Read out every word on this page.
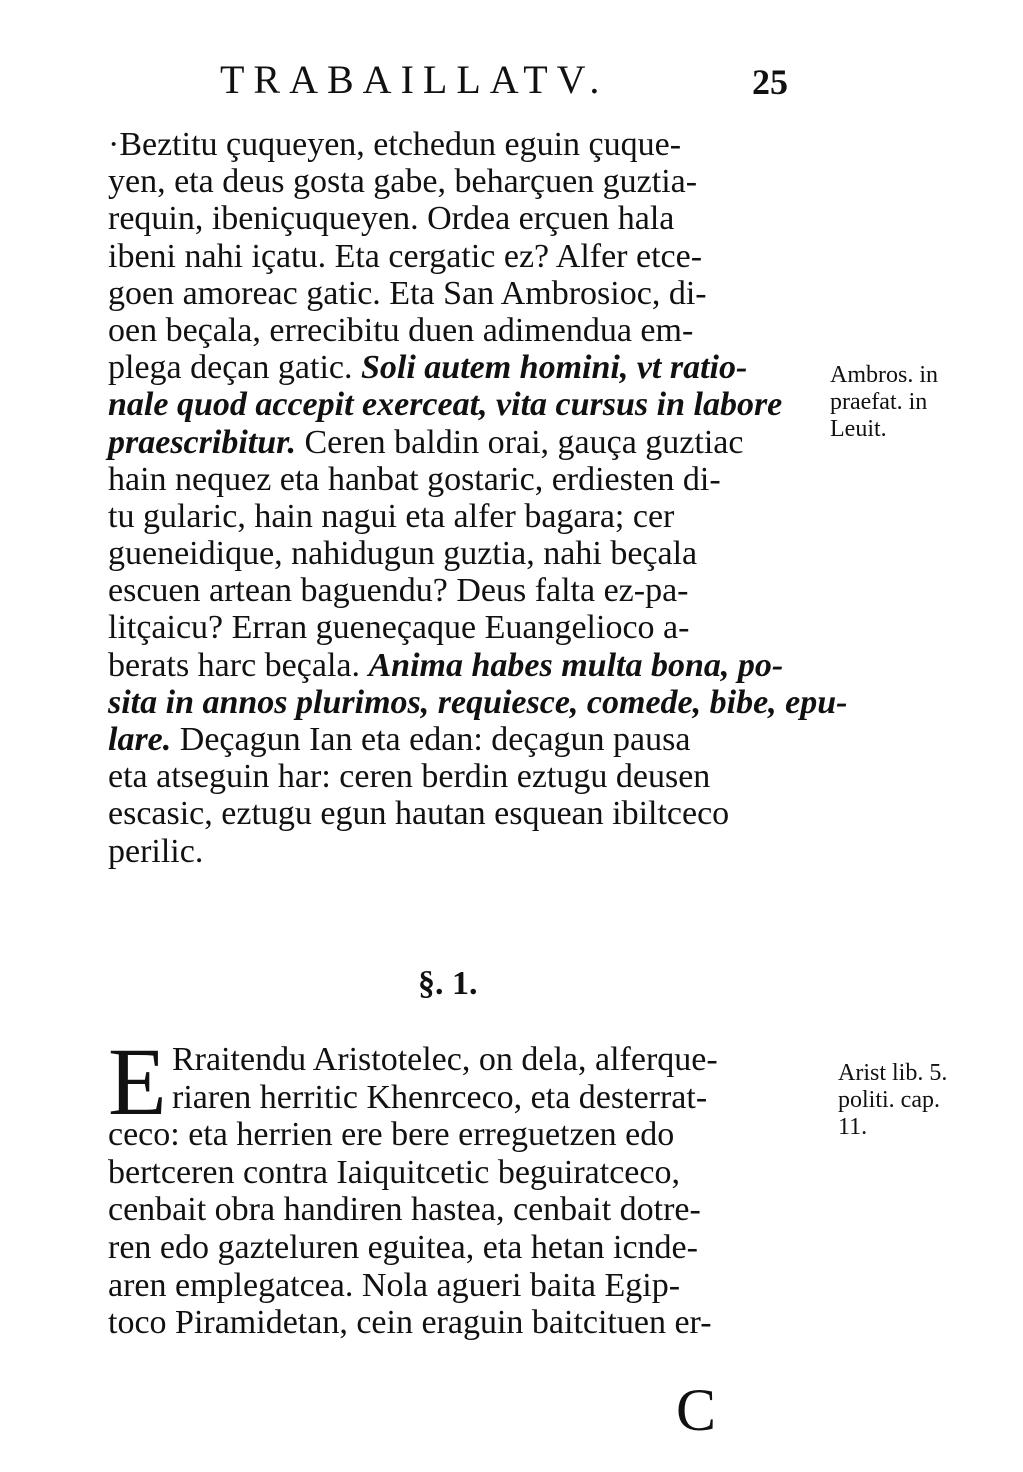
TRABAILLATV.	25
·Beztitu çuqueyen, etchedun eguin çuque-
yen, eta deus gosta gabe, beharçuen guztia-
requin, ibeniçuqueyen. Ordea erçuen hala
ibeni nahi içatu. Eta cergatic ez? Alfer etce-
goen amoreac gatic. Eta San Ambrosioc, di-
oen beçala, errecibitu duen adimendua em-
plega deçan gatic. Soli autem homini, vt ratio-
nale quod accepit exerceat, vita cursus in labore
praescribitur. Ceren baldin orai, gauça guztiac
hain nequez eta hanbat gostaric, erdiesten di-
tu gularic, hain nagui eta alfer bagara; cer
gueneidique, nahidugun guztia, nahi beçala
escuen artean baguendu? Deus falta ez-pa-
litçaicu? Erran gueneçaque Euangelioco a-
berats harc beçala. Anima habes multa bona, po-
sita in annos plurimos, requiesce, comede, bibe, epu-
lare. Deçagun Ian eta edan: deçagun pausa
eta atseguin har: ceren berdin eztugu deusen
escasic, eztugu egun hautan esquean ibiltceco
perilic.
Ambros. in
praefat. in
Leuit.
§. 1.
E Rraitendu Aristotelec, on dela, alferque-
riaren herritic Khenrceco, eta desterrat-
ceco: eta herrien ere bere erreguetzen edo
bertceren contra Iaiquitcetic beguiratceco,
cenbait obra handiren hastea, cenbait dotre-
ren edo gazteluren eguitea, eta hetan icnde-
aren emplegatcea. Nola agueri baita Egip-
toco Piramidetan, cein eraguin baitcituen er-
Arist lib. 5.
politi. cap.
11.
C
